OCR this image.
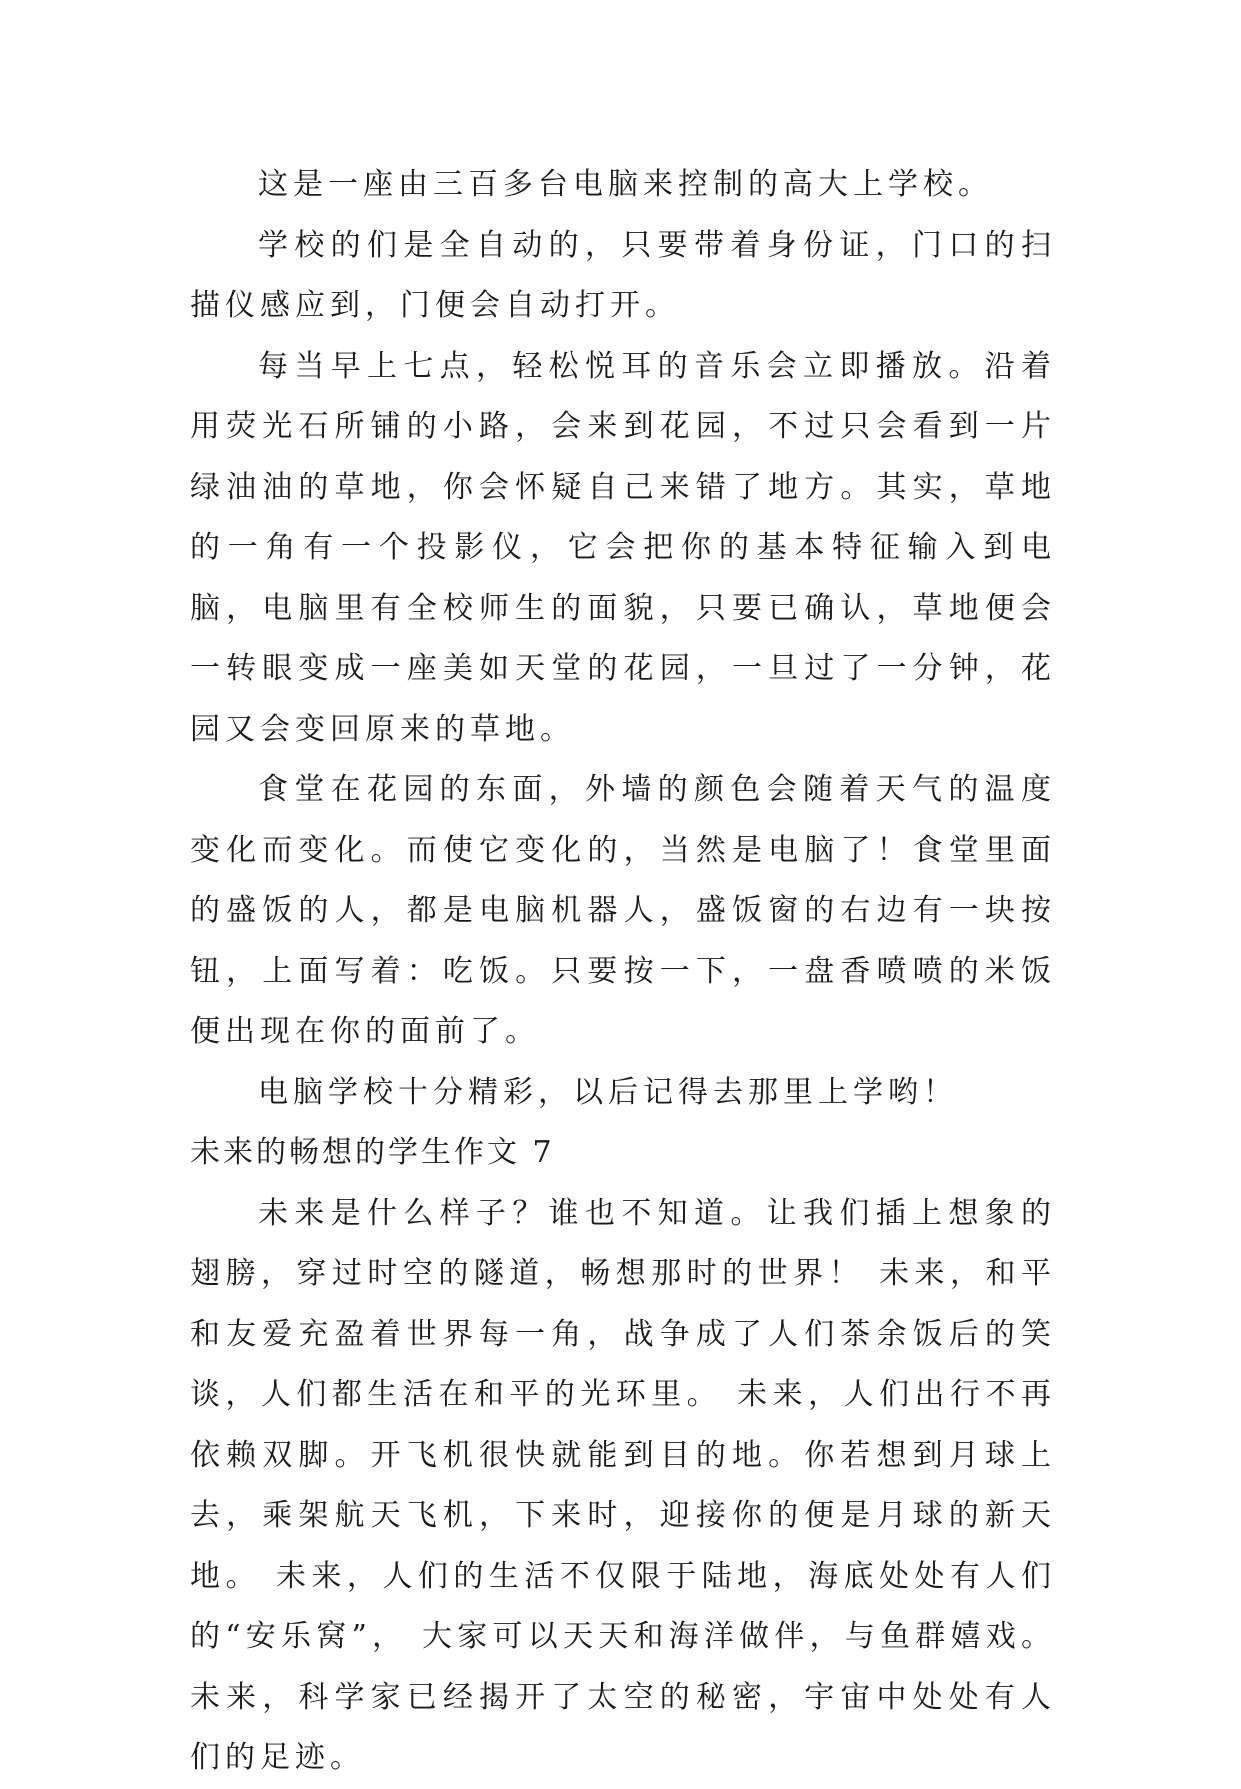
这是一座由三百多台电脑来控制的高大上学校。

学校的们是全自动的，只要带着身份证，门口的扫描仪感应到，门便会自动打开。

每当早上七点，轻松悦耳的音乐会立即播放。沿着用荧光石所铺的小路，会来到花园，不过只会看到一片绿油油的草地，你会怀疑自己来错了地方。其实，草地的一角有一个投影仪，它会把你的基本特征输入到电脑，电脑里有全校师生的面貌，只要已确认，草地便会一转眼变成一座美如天堂的花园，一旦过了一分钟，花园又会变回原来的草地。

食堂在花园的东面，外墙的颜色会随着天气的温度变化而变化。而使它变化的，当然是电脑了！食堂里面的盛饭的人，都是电脑机器人，盛饭窗的右边有一块按钮，上面写着：吃饭。只要按一下，一盘香喷喷的米饭便出现在你的面前了。

电脑学校十分精彩，以后记得去那里上学哟！

未来的畅想的学生作文 7

未来是什么样子？谁也不知道。让我们插上想象的翅膀，穿过时空的隧道，畅想那时的世界！ 未来，和平和友爱充盈着世界每一角，战争成了人们茶余饭后的笑谈，人们都生活在和平的光环里。 未来，人们出行不再依赖双脚。开飞机很快就能到目的地。你若想到月球上去，乘架航天飞机，下来时，迎接你的便是月球的新天地。 未来，人们的生活不仅限于陆地，海底处处有人们的“安乐窝”， 大家可以天天和海洋做伴，与鱼群嬉戏。未来，科学家已经揭开了太空的秘密，宇宙中处处有人们的足迹。
